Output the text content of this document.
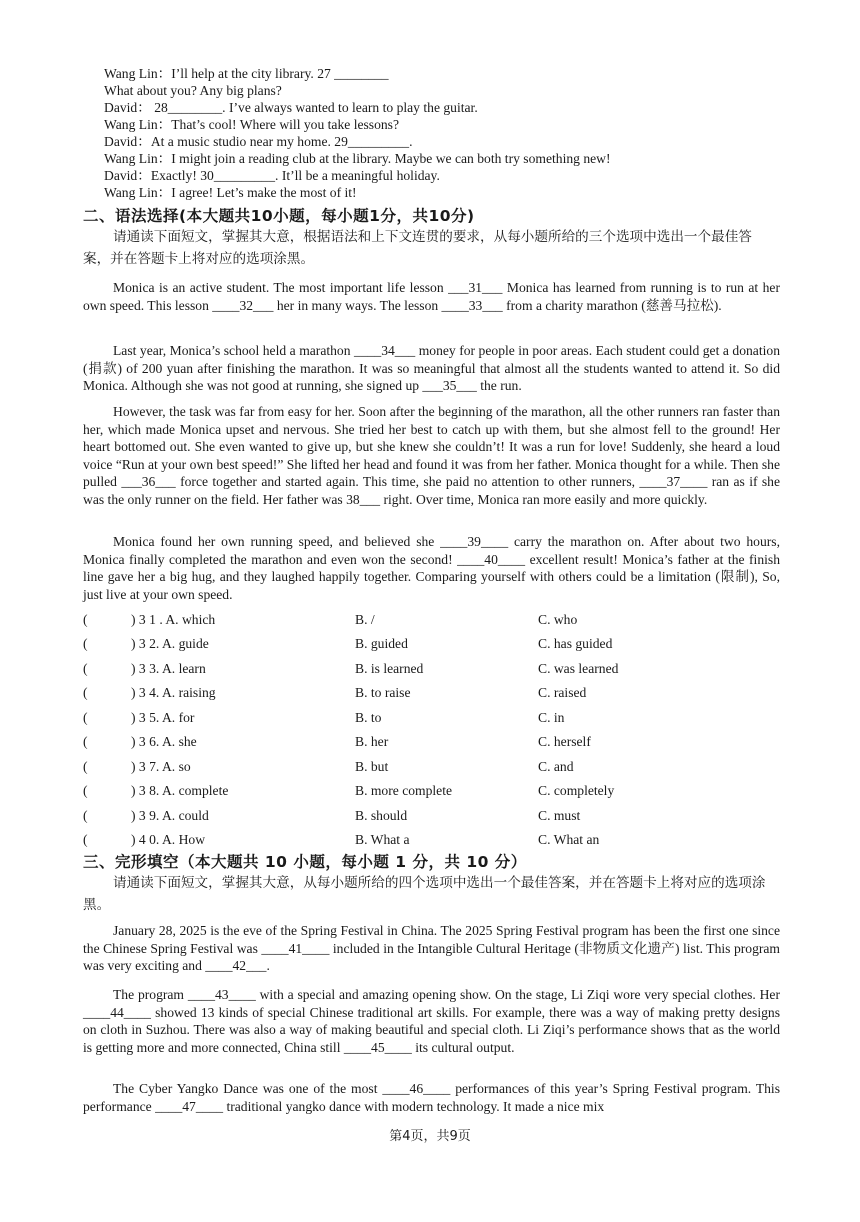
Wang Lin：I’ll help at the city library. 27 ________
What about you? Any big plans?
David： 28________. I’ve always wanted to learn to play the guitar.
Wang Lin：That’s cool! Where will you take lessons?
David：At a music studio near my home. 29_________.
Wang Lin：I might join a reading club at the library. Maybe we can both try something new!
David：Exactly! 30_________. It’ll be a meaningful holiday.
Wang Lin：I agree! Let’s make the most of it!
二、语法选择(本大题共10小题，每小题1分，共10分)
请通读下面短文，掌握其大意，根据语法和上下文连贯的要求，从每小题所给的三个选项中选出一个最佳答案，并在答题卡上将对应的选项涂黑。
Monica is an active student. The most important life lesson ___31___ Monica has learned from running is to run at her own speed. This lesson ____32___ her in many ways. The lesson ____33___ from a charity marathon (慈善马拉松).
Last year, Monica’s school held a marathon ____34___ money for people in poor areas. Each student could get a donation (捐款) of 200 yuan after finishing the marathon. It was so meaningful that almost all the students wanted to attend it. So did Monica. Although she was not good at running, she signed up ___35___ the run.
However, the task was far from easy for her. Soon after the beginning of the marathon, all the other runners ran faster than her, which made Monica upset and nervous. She tried her best to catch up with them, but she almost fell to the ground! Her heart bottomed out. She even wanted to give up, but she knew she couldn’t! It was a run for love! Suddenly, she heard a loud voice “Run at your own best speed!” She lifted her head and found it was from her father. Monica thought for a while. Then she pulled ___36___ force together and started again. This time, she paid no attention to other runners, ____37____ ran as if she was the only runner on the field. Her father was 38___ right. Over time, Monica ran more easily and more quickly.
Monica found her own running speed, and believed she ____39____ carry the marathon on. After about two hours, Monica finally completed the marathon and even won the second! ____40____ excellent result! Monica’s father at the finish line gave her a big hug, and they laughed happily together. Comparing yourself with others could be a limitation (限制), So, just live at your own speed.
(	) 3 1 . A. which	B. /	C. who
(	) 3 2. A. guide	B. guided	C. has guided
(	) 3 3. A. learn	B. is learned	C. was learned
(	) 3 4. A. raising	B. to raise	C. raised
(	) 3 5. A. for	B. to	C. in
(	) 3 6. A. she	B. her	C. herself
(	) 3 7. A. so	B. but	C. and
(	) 3 8. A. complete	B. more complete	C. completely
(	) 3 9. A. could	B. should	C. must
(	) 4 0. A. How	B. What a	C. What an
三、完形填空（本大题共 10 小题，每小题 1 分，共 10 分）
请通读下面短文，掌握其大意，从每小题所给的四个选项中选出一个最佳答案，并在答题卡上将对应的选项涂黑。
January 28, 2025 is the eve of the Spring Festival in China. The 2025 Spring Festival program has been the first one since the Chinese Spring Festival was ____41____ included in the Intangible Cultural Heritage (非物质文化遗产) list. This program was very exciting and ____42___.
The program ____43____ with a special and amazing opening show. On the stage, Li Ziqi wore very special clothes. Her ____44____ showed 13 kinds of special Chinese traditional art skills. For example, there was a way of making pretty designs on cloth in Suzhou. There was also a way of making beautiful and special cloth. Li Ziqi’s performance shows that as the world is getting more and more connected, China still ____45____ its cultural output.
The Cyber Yangko Dance was one of the most ____46____ performances of this year’s Spring Festival program. This performance ____47____ traditional yangko dance with modern technology. It made a nice mix
第4页，共9页
